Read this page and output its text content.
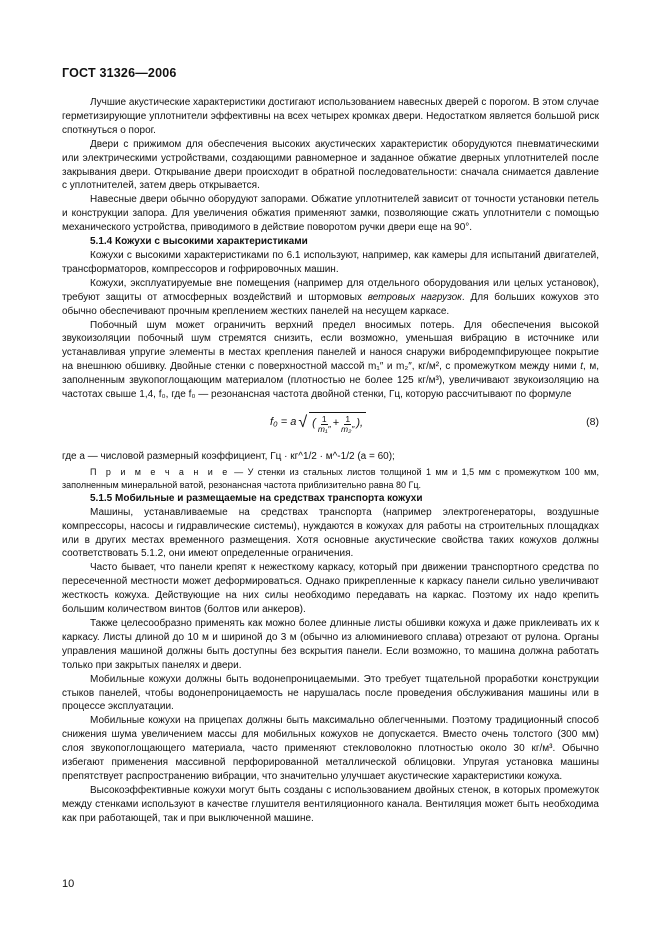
ГОСТ 31326—2006

Лучшие акустические характеристики достигают использованием навесных дверей с порогом. В этом случае герметизирующие уплотнители эффективны на всех четырех кромках двери. Недостатком является большой риск споткнуться о порог.

Двери с прижимом для обеспечения высоких акустических характеристик оборудуются пневматическими или электрическими устройствами, создающими равномерное и заданное обжатие дверных уплотнителей после закрывания двери. Открывание двери происходит в обратной последовательности: сначала снимается давление с уплотнителей, затем дверь открывается.

Навесные двери обычно оборудуют запорами. Обжатие уплотнителей зависит от точности установки петель и конструкции запора. Для увеличения обжатия применяют замки, позволяющие сжать уплотнители с помощью механического устройства, приводимого в действие поворотом ручки двери еще на 90°.

5.1.4 Кожухи с высокими характеристиками

Кожухи с высокими характеристиками по 6.1 используют, например, как камеры для испытаний двигателей, трансформаторов, компрессоров и гофрировочных машин.

Кожухи, эксплуатируемые вне помещения (например для отдельного оборудования или целых установок), требуют защиты от атмосферных воздействий и штормовых ветровых нагрузок. Для больших кожухов это обычно обеспечивают прочным креплением жестких панелей на несущем каркасе.

Побочный шум может ограничить верхний предел вносимых потерь. Для обеспечения высокой звукоизоляции побочный шум стремятся снизить, если возможно, уменьшая вибрацию в источнике или устанавливая упругие элементы в местах крепления панелей и нанося снаружи вибродемпфирующее покрытие на внешнюю обшивку. Двойные стенки с поверхностной массой m₁″ и m₂″, кг/м², с промежутком между ними t, м, заполненным звукопоглощающим материалом (плотностью не более 125 кг/м³), увеличивают звукоизоляцию на частотах свыше 1,4, f₀, где f₀ — резонансная частота двойной стенки, Гц, которую рассчитывают по формуле

f₀ = a √ ( $\frac{1}{\text{m₁″}} + \frac{1}{\text{m₂″}}$ ),	(8)

где a — числовой размерный коэффициент, Гц · кг^1/2 · м^-1/2 (a = 60);

П р и м е ч а н и е — У стенки из стальных листов толщиной 1 мм и 1,5 мм с промежутком 100 мм, заполненным минеральной ватой, резонансная частота приблизительно равна 80 Гц.

5.1.5 Мобильные и размещаемые на средствах транспорта кожухи

Машины, устанавливаемые на средствах транспорта (например электрогенераторы, воздушные компрессоры, насосы и гидравлические системы), нуждаются в кожухах для работы на строительных площадках или в других местах временного размещения. Хотя основные акустические свойства таких кожухов должны соответствовать 5.1.2, они имеют определенные ограничения.

Часто бывает, что панели крепят к нежесткому каркасу, который при движении транспортного средства по пересеченной местности может деформироваться. Однако прикрепленные к каркасу панели сильно увеличивают жесткость кожуха. Действующие на них силы необходимо передавать на каркас. Поэтому их надо крепить большим количеством винтов (болтов или анкеров).

Также целесообразно применять как можно более длинные листы обшивки кожуха и даже приклеивать их к каркасу. Листы длиной до 10 м и шириной до 3 м (обычно из алюминиевого сплава) отрезают от рулона. Органы управления машиной должны быть доступны без вскрытия панели. Если возможно, то машина должна работать только при закрытых панелях и двери.

Мобильные кожухи должны быть водонепроницаемыми. Это требует тщательной проработки конструкции стыков панелей, чтобы водонепроницаемость не нарушалась после проведения обслуживания машины или в процессе эксплуатации.

Мобильные кожухи на прицепах должны быть максимально облегченными. Поэтому традиционный способ снижения шума увеличением массы для мобильных кожухов не допускается. Вместо очень толстого (300 мм) слоя звукопоглощающего материала, часто применяют стекловолокно плотностью около 30 кг/м³. Обычно избегают применения массивной перфорированной металлической облицовки. Упругая установка машины препятствует распространению вибрации, что значительно улучшает акустические характеристики кожуха.

Высокоэффективные кожухи могут быть созданы с использованием двойных стенок, в которых промежуток между стенками используют в качестве глушителя вентиляционного канала. Вентиляция может быть необходима как при работающей, так и при выключенной машине.

10
